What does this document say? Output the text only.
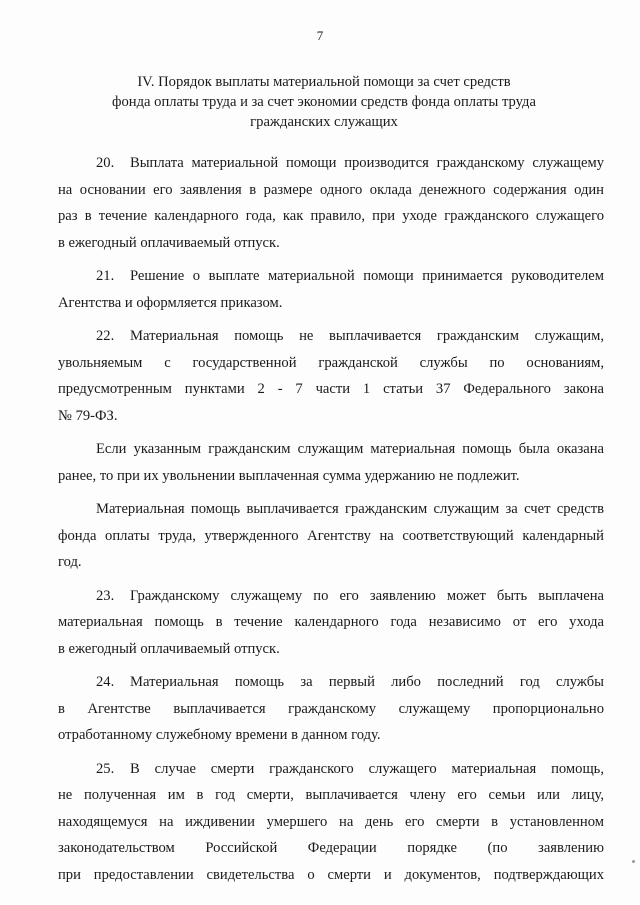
7
IV. Порядок выплаты материальной помощи за счет средств
фонда оплаты труда и за счет экономии средств фонда оплаты труда
гражданских служащих
20. Выплата материальной помощи производится гражданскому служащему
на основании его заявления в размере одного оклада денежного содержания один
раз в течение календарного года, как правило, при уходе гражданского служащего
в ежегодный оплачиваемый отпуск.
21. Решение о выплате материальной помощи принимается руководителем
Агентства и оформляется приказом.
22. Материальная помощь не выплачивается гражданским служащим,
увольняемым с государственной гражданской службы по основаниям,
предусмотренным пунктами 2 - 7 части 1 статьи 37 Федерального закона
№ 79-ФЗ.
Если указанным гражданским служащим материальная помощь была оказана
ранее, то при их увольнении выплаченная сумма удержанию не подлежит.
Материальная помощь выплачивается гражданским служащим за счет средств
фонда оплаты труда, утвержденного Агентству на соответствующий календарный
год.
23. Гражданскому служащему по его заявлению может быть выплачена
материальная помощь в течение календарного года независимо от его ухода
в ежегодный оплачиваемый отпуск.
24. Материальная помощь за первый либо последний год службы
в Агентстве выплачивается гражданскому служащему пропорционально
отработанному служебному времени в данном году.
25. В случае смерти гражданского служащего материальная помощь,
не полученная им в год смерти, выплачивается члену его семьи или лицу,
находящемуся на иждивении умершего на день его смерти в установленном
законодательством Российской Федерации порядке (по заявлению
при предоставлении свидетельства о смерти и документов, подтверждающих
